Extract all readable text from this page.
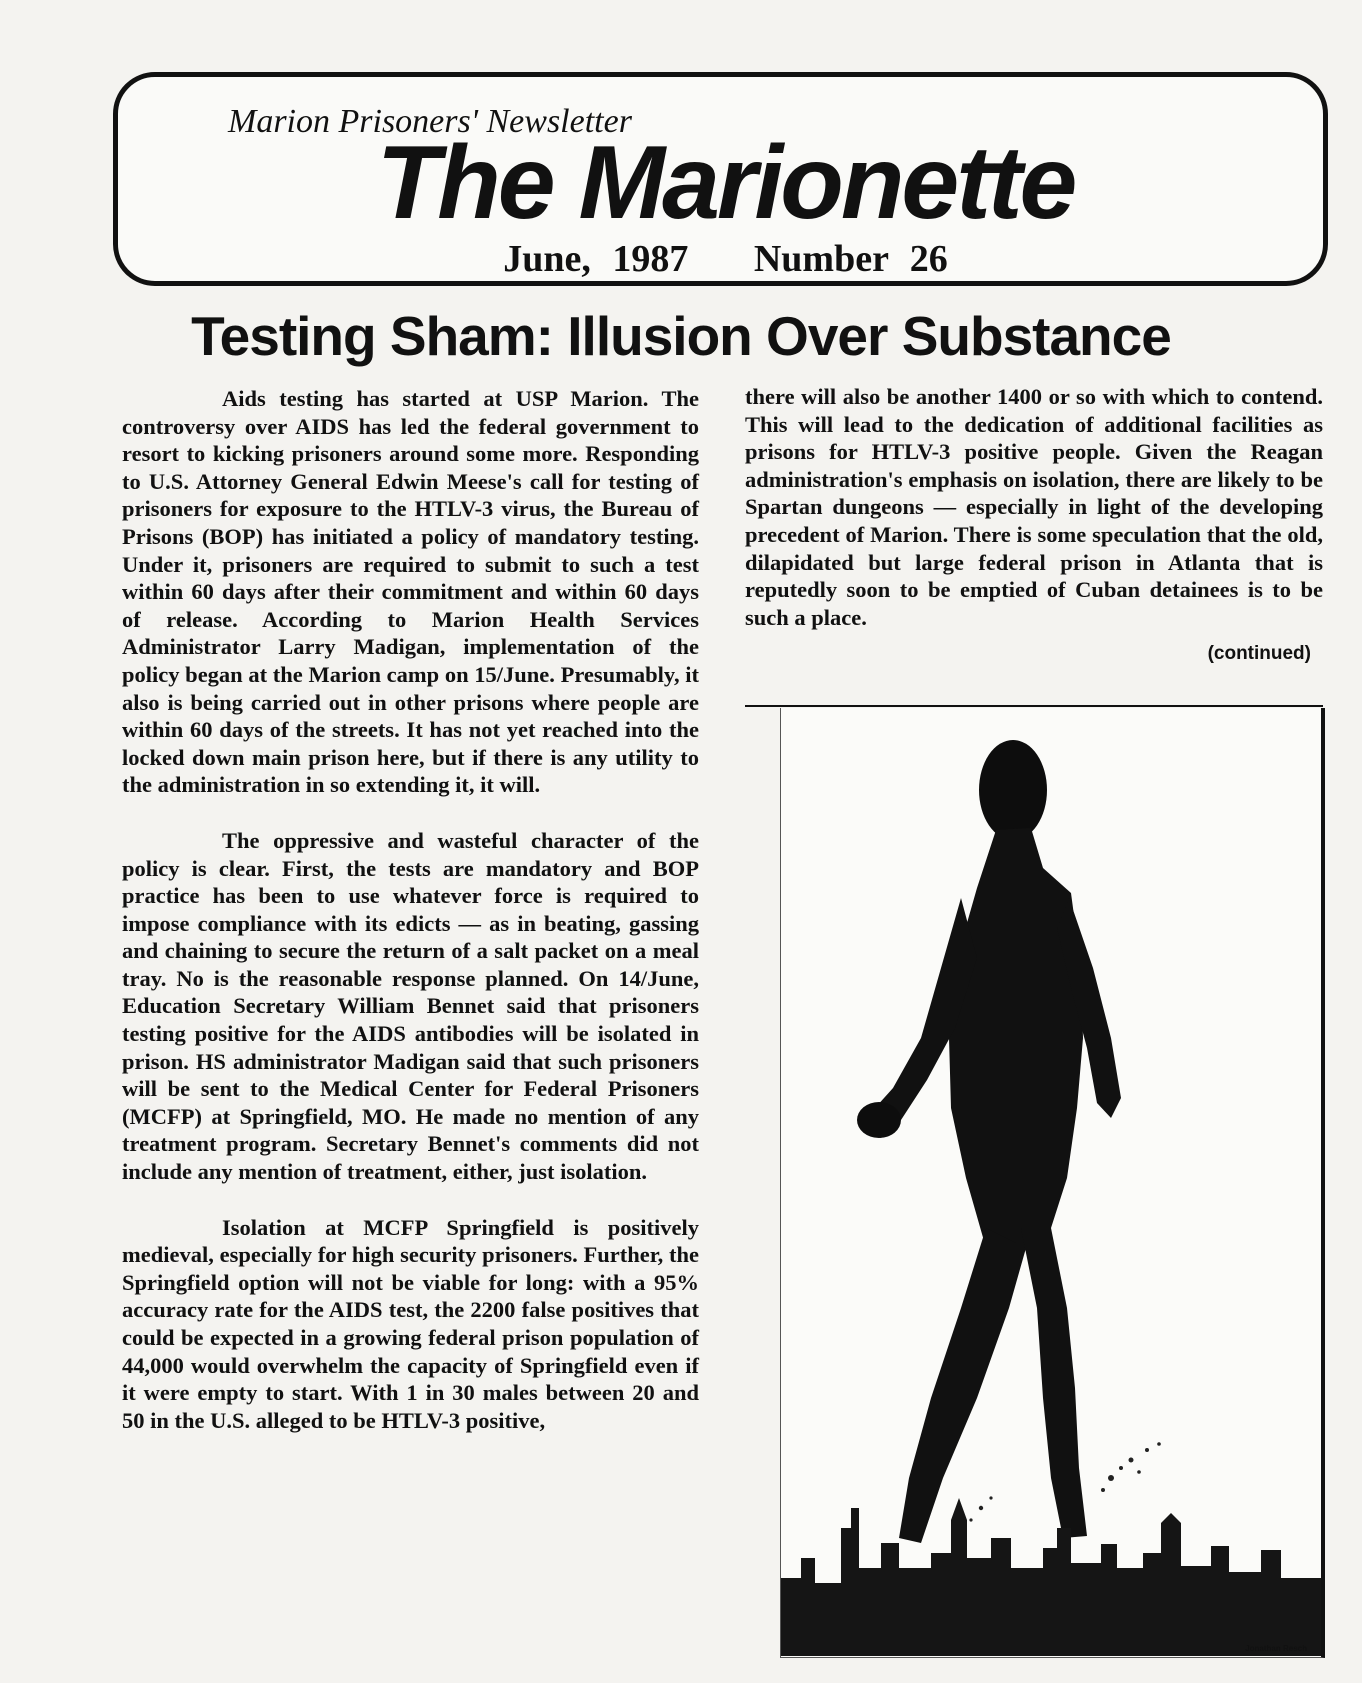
Marion Prisoners' Newsletter
The Marionette
June, 1987 Number 26
Testing Sham: Illusion Over Substance

Aids testing has started at USP Marion. The controversy over AIDS has led the federal government to resort to kicking prisoners around some more. Responding to U.S. Attorney General Edwin Meese's call for testing of prisoners for exposure to the HTLV-3 virus, the Bureau of Prisons (BOP) has initiated a policy of mandatory testing. Under it, prisoners are required to submit to such a test within 60 days after their commitment and within 60 days of release. According to Marion Health Services Administrator Larry Madigan, implementation of the policy began at the Marion camp on 15/June. Presumably, it also is being carried out in other prisons where people are within 60 days of the streets. It has not yet reached into the locked down main prison here, but if there is any utility to the administration in so extending it, it will.

The oppressive and wasteful character of the policy is clear. First, the tests are mandatory and BOP practice has been to use whatever force is required to impose compliance with its edicts — as in beating, gassing and chaining to secure the return of a salt packet on a meal tray. No is the reasonable response planned. On 14/June, Education Secretary William Bennet said that prisoners testing positive for the AIDS antibodies will be isolated in prison. HS administrator Madigan said that such prisoners will be sent to the Medical Center for Federal Prisoners (MCFP) at Springfield, MO. He made no mention of any treatment program. Secretary Bennet's comments did not include any mention of treatment, either, just isolation.

Isolation at MCFP Springfield is positively medieval, especially for high security prisoners. Further, the Springfield option will not be viable for long: with a 95% accuracy rate for the AIDS test, the 2200 false positives that could be expected in a growing federal prison population of 44,000 would overwhelm the capacity of Springfield even if it were empty to start. With 1 in 30 males between 20 and 50 in the U.S. alleged to be HTLV-3 positive,

there will also be another 1400 or so with which to contend. This will lead to the dedication of additional facilities as prisons for HTLV-3 positive people. Given the Reagan administration's emphasis on isolation, there are likely to be Spartan dungeons — especially in light of the developing precedent of Marion. There is some speculation that the old, dilapidated but large federal prison in Atlanta that is reputedly soon to be emptied of Cuban detainees is to be such a place.

(continued)
Jonathan Resch
